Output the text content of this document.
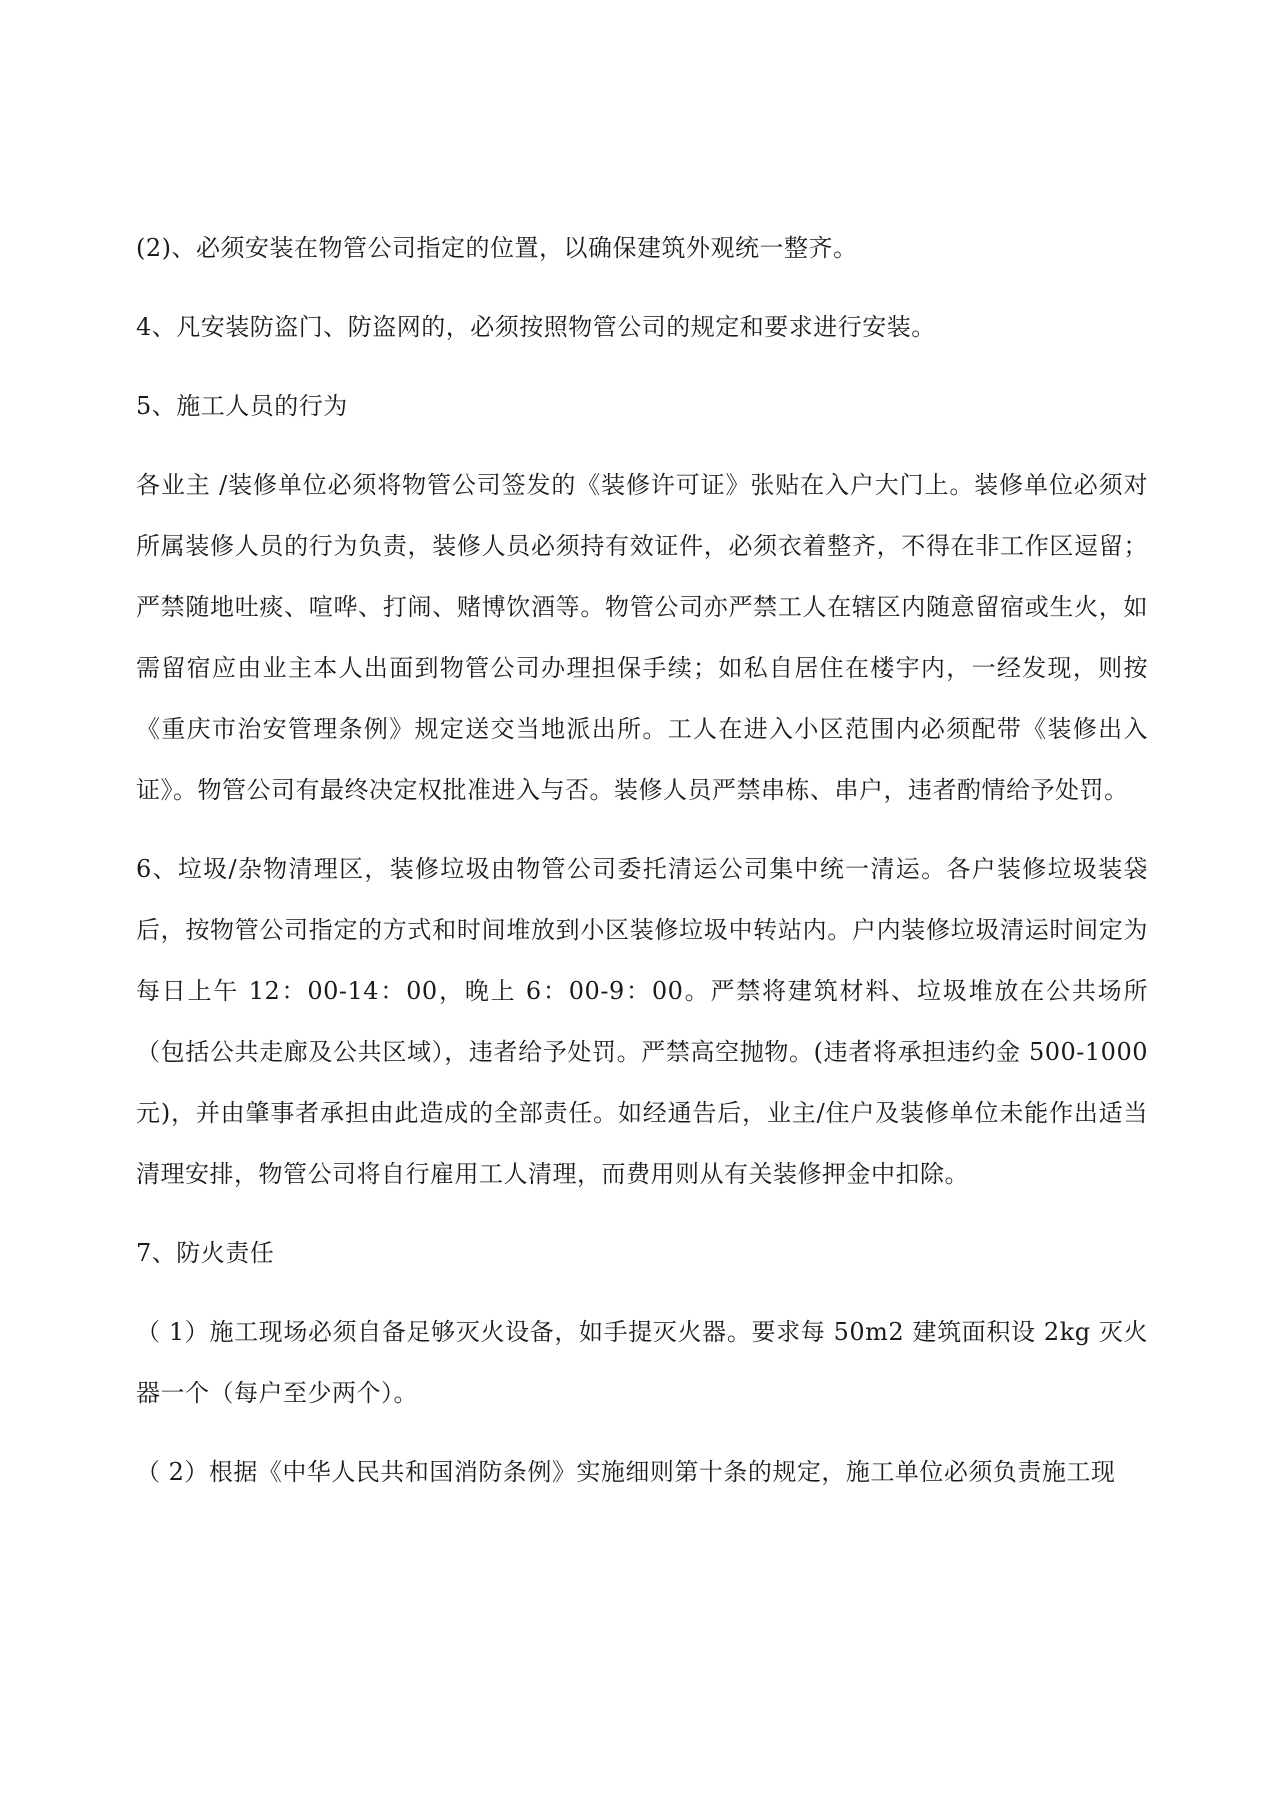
(2)、必须安装在物管公司指定的位置，以确保建筑外观统一整齐。

4、凡安装防盗门、防盗网的，必须按照物管公司的规定和要求进行安装。

5、施工人员的行为

各业主 /装修单位必须将物管公司签发的《装修许可证》张贴在入户大门上。装修单位必须对所属装修人员的行为负责，装修人员必须持有效证件，必须衣着整齐，不得在非工作区逗留；严禁随地吐痰、喧哗、打闹、赌博饮酒等。物管公司亦严禁工人在辖区内随意留宿或生火，如需留宿应由业主本人出面到物管公司办理担保手续；如私自居住在楼宇内，一经发现，则按《重庆市治安管理条例》规定送交当地派出所。工人在进入小区范围内必须配带《装修出入证》。物管公司有最终决定权批准进入与否。装修人员严禁串栋、串户，违者酌情给予处罚。

6、垃圾/杂物清理区，装修垃圾由物管公司委托清运公司集中统一清运。各户装修垃圾装袋后，按物管公司指定的方式和时间堆放到小区装修垃圾中转站内。户内装修垃圾清运时间定为每日上午 12：00-14：00，晚上 6：00-9：00。严禁将建筑材料、垃圾堆放在公共场所（包括公共走廊及公共区域），违者给予处罚。严禁高空抛物。(违者将承担违约金 500-1000 元)，并由肇事者承担由此造成的全部责任。如经通告后，业主/住户及装修单位未能作出适当清理安排，物管公司将自行雇用工人清理，而费用则从有关装修押金中扣除。

7、防火责任

（ 1）施工现场必须自备足够灭火设备，如手提灭火器。要求每 50m2 建筑面积设 2kg 灭火器一个（每户至少两个）。

（ 2）根据《中华人民共和国消防条例》实施细则第十条的规定，施工单位必须负责施工现
